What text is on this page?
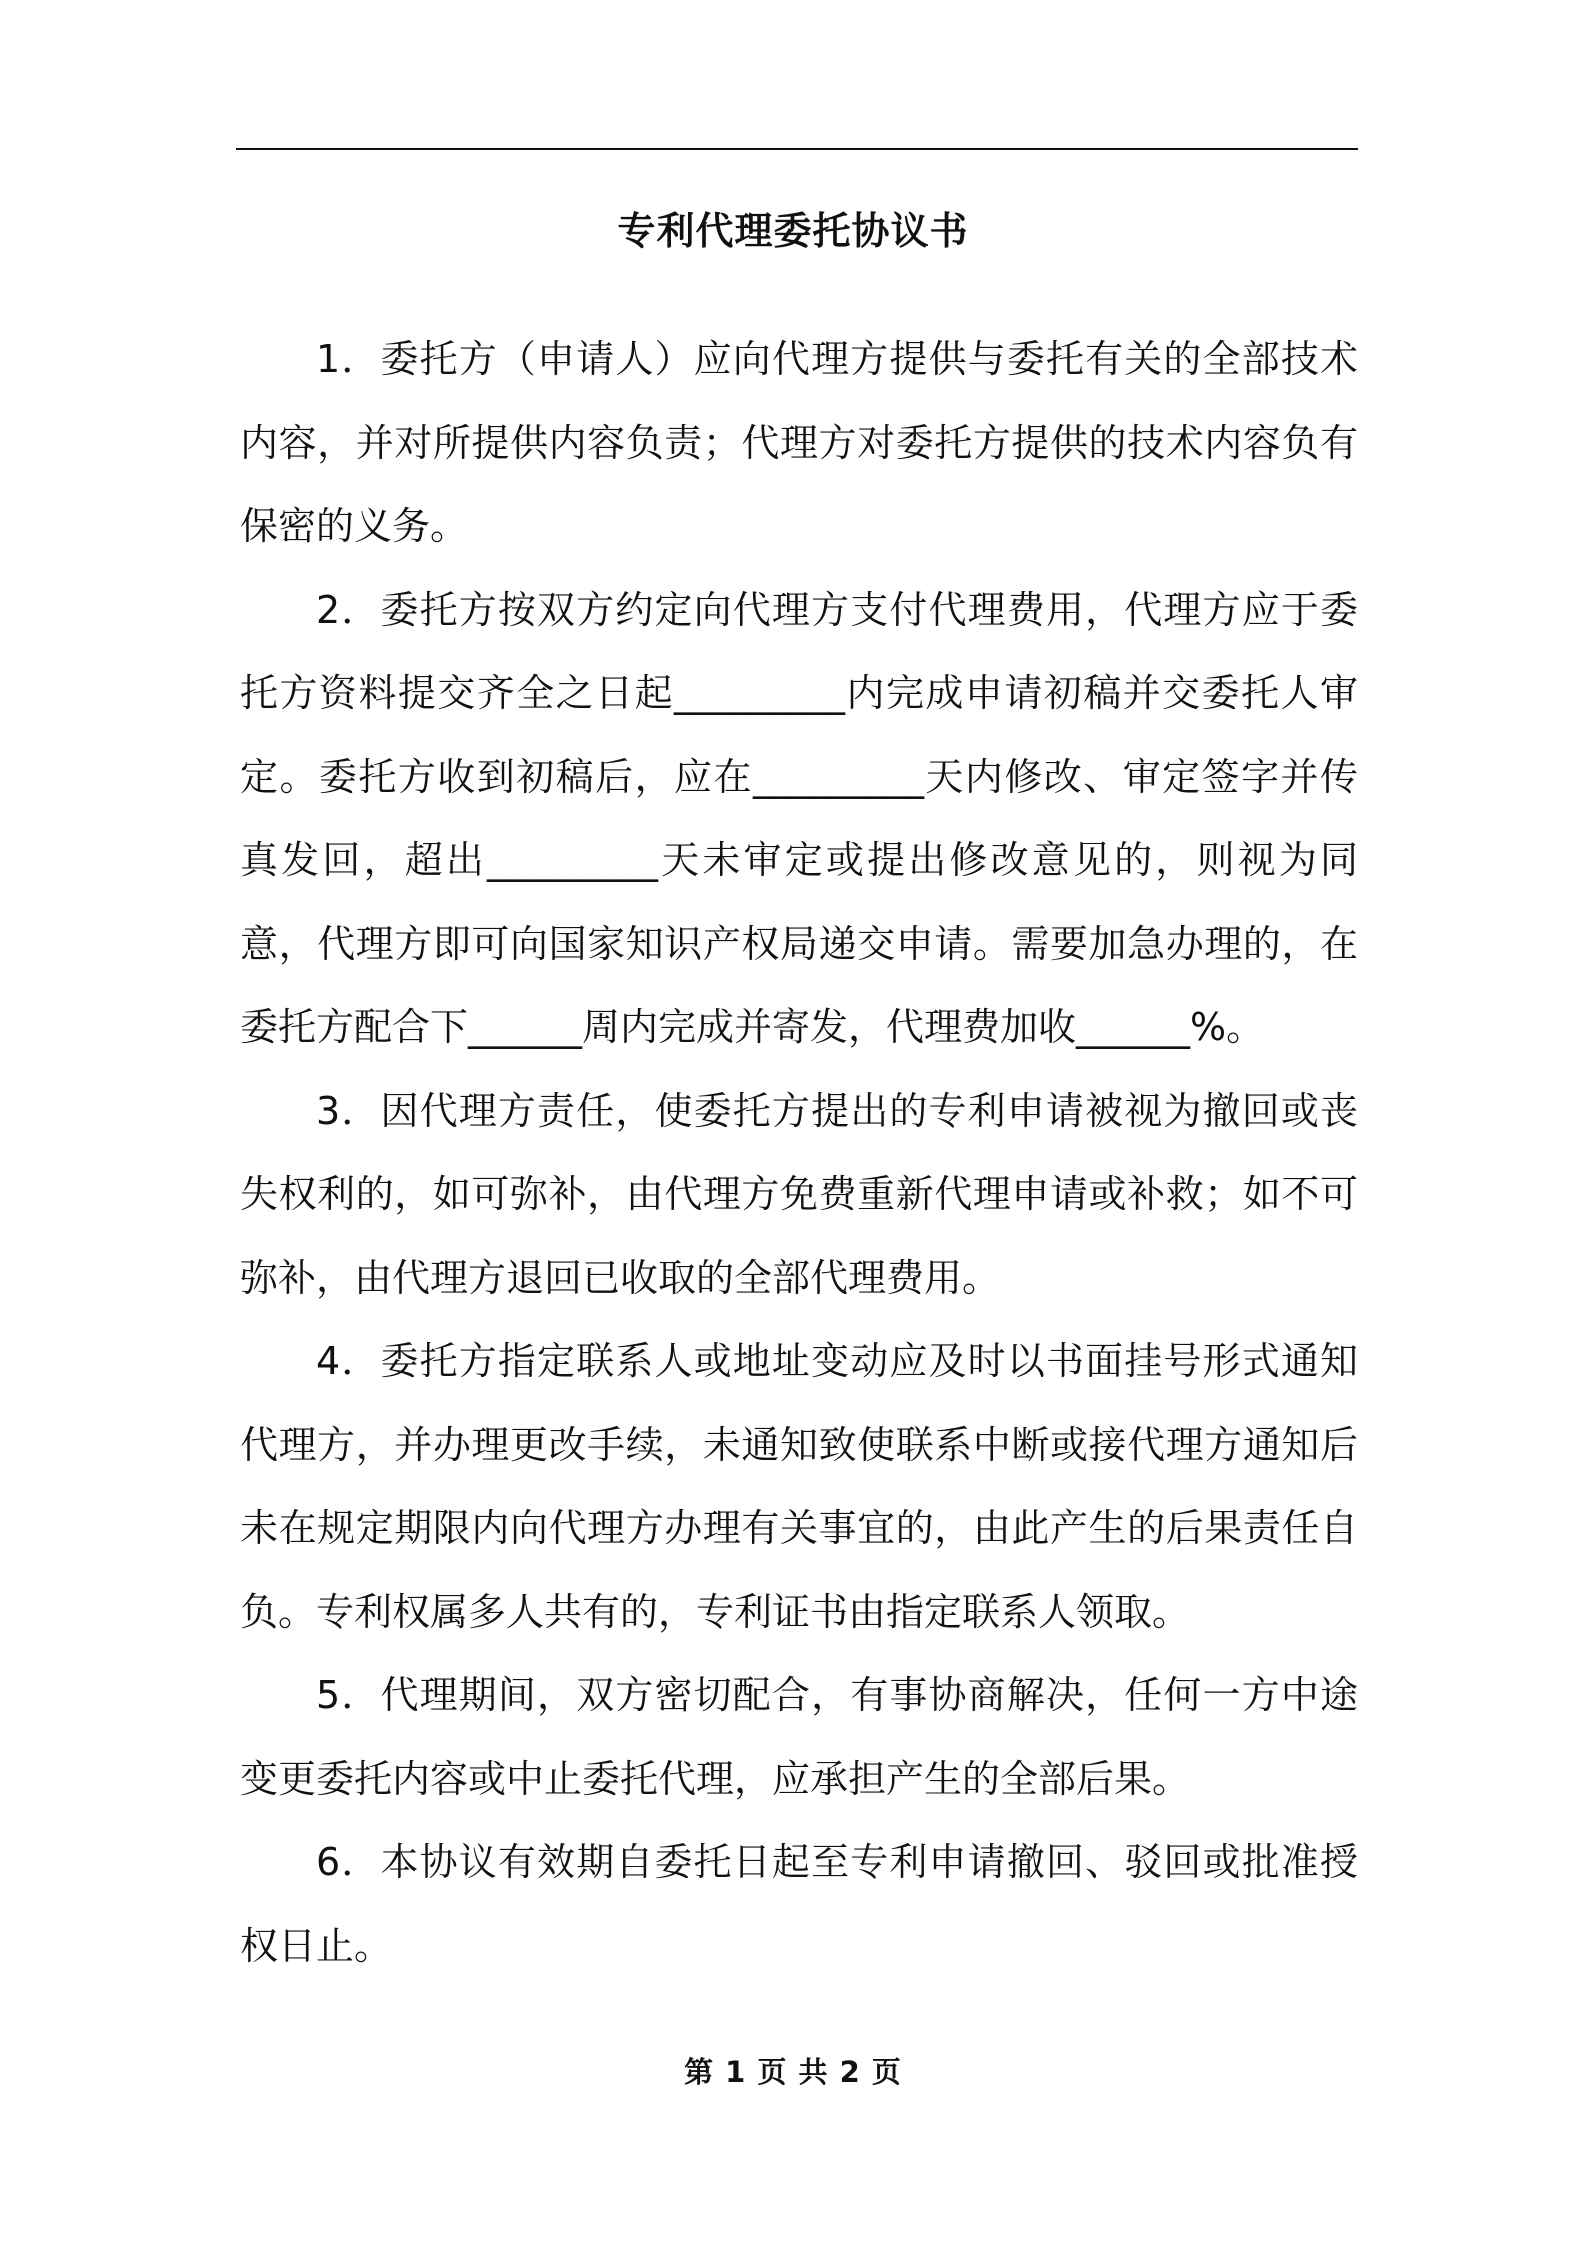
专利代理委托协议书

1．委托方（申请人）应向代理方提供与委托有关的全部技术内容，并对所提供内容负责；代理方对委托方提供的技术内容负有保密的义务。

2．委托方按双方约定向代理方支付代理费用，代理方应于委托方资料提交齐全之日起_________内完成申请初稿并交委托人审定。委托方收到初稿后，应在_________天内修改、审定签字并传真发回，超出_________天未审定或提出修改意见的，则视为同意，代理方即可向国家知识产权局递交申请。需要加急办理的，在委托方配合下______周内完成并寄发，代理费加收______%。

3．因代理方责任，使委托方提出的专利申请被视为撤回或丧失权利的，如可弥补，由代理方免费重新代理申请或补救；如不可弥补，由代理方退回已收取的全部代理费用。

4．委托方指定联系人或地址变动应及时以书面挂号形式通知代理方，并办理更改手续，未通知致使联系中断或接代理方通知后未在规定期限内向代理方办理有关事宜的，由此产生的后果责任自负。专利权属多人共有的，专利证书由指定联系人领取。

5．代理期间，双方密切配合，有事协商解决，任何一方中途变更委托内容或中止委托代理，应承担产生的全部后果。

6．本协议有效期自委托日起至专利申请撤回、驳回或批准授权日止。

第 1 页 共 2 页
